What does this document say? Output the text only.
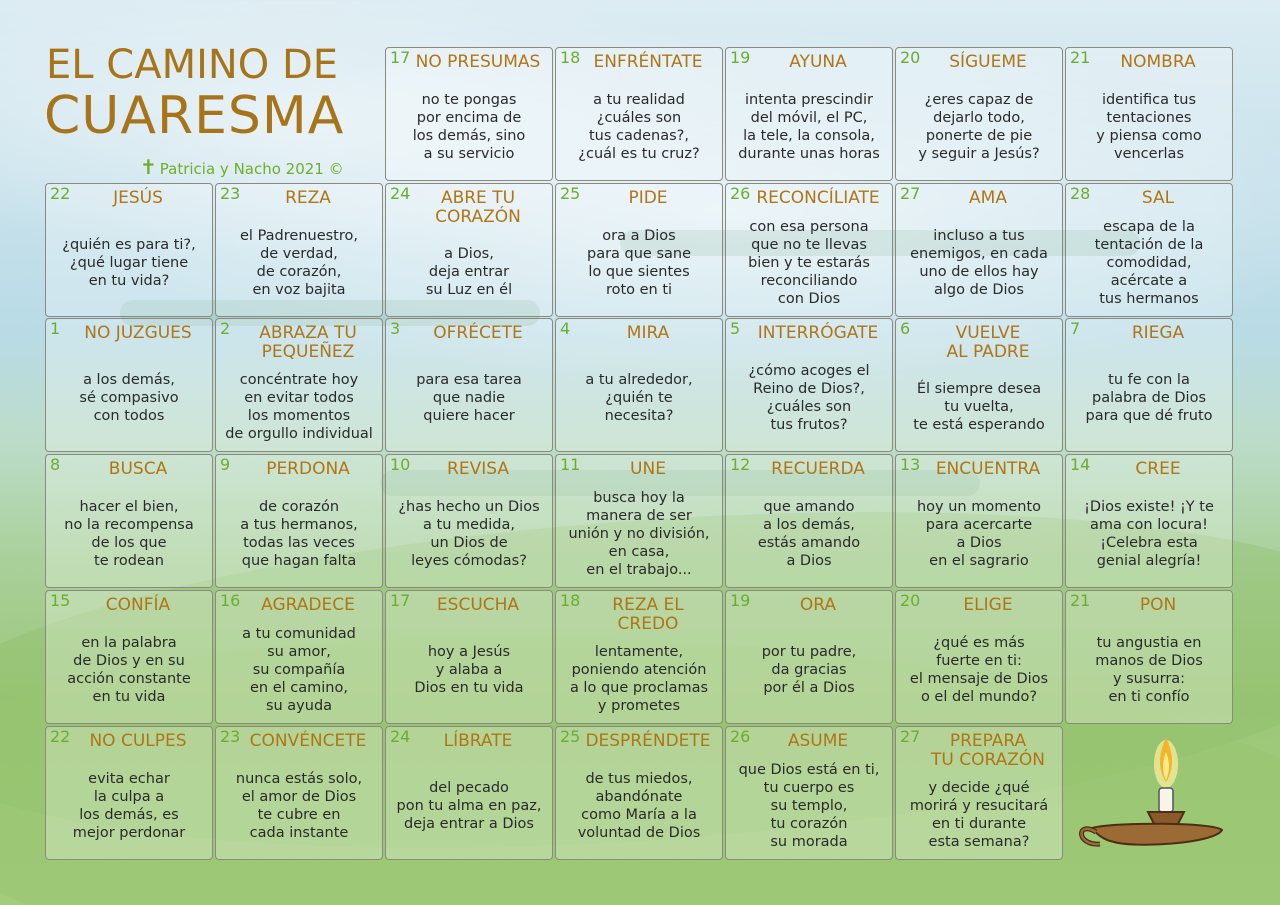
EL CAMINO DE
CUARESMA
✝ Patricia y Nacho 2021 ©
17 NO PRESUMAS
no te pongas
por encima de
los demás, sino
a su servicio
18 ENFRÉNTATE
a tu realidad
¿cuáles son
tus cadenas?,
¿cuál es tu cruz?
19	AYUNA
intenta prescindir
del móvil, el PC,
la tele, la consola,
durante unas horas
20	SÍGUEME
¿eres capaz de
dejarlo todo,
ponerte de pie
y seguir a Jesús?
21	NOMBRA
identifica tus
tentaciones
y piensa como
vencerlas
22	JESÚS
¿quién es para ti?,
¿qué lugar tiene
en tu vida?
23	REZA
el Padrenuestro,
de verdad,
de corazón,
en voz bajita
24	ABRE TU
CORAZÓN
a Dios,
deja entrar
su Luz en él
25	PIDE
ora a Dios
para que sane
lo que sientes
roto en ti
26 RECONCÍLIATE
con esa persona
que no te llevas
bien y te estarás
reconciliando
con Dios
27	AMA
incluso a tus
enemigos, en cada
uno de ellos hay
algo de Dios
28	SAL
escapa de la
tentación de la
comodidad,
acércate a
tus hermanos
1	NO JUZGUES
a los demás,
sé compasivo
con todos
2	ABRAZA TU
PEQUEÑEZ
concéntrate hoy
en evitar todos
los momentos
de orgullo individual
3	OFRÉCETE
para esa tarea
que nadie
quiere hacer
4	MIRA
a tu alrededor,
¿quién te
necesita?
5	INTERRÓGATE
¿cómo acoges el
Reino de Dios?,
¿cuáles son
tus frutos?
6	VUELVE
AL PADRE
Él siempre desea
tu vuelta,
te está esperando
7	RIEGA
tu fe con la
palabra de Dios
para que dé fruto
8	BUSCA
hacer el bien,
no la recompensa
de los que
te rodean
9	PERDONA
de corazón
a tus hermanos,
todas las veces
que hagan falta
10	REVISA
¿has hecho un Dios
a tu medida,
un Dios de
leyes cómodas?
11	UNE
busca hoy la
manera de ser
unión y no división,
en casa,
en el trabajo...
12	RECUERDA
que amando
a los demás,
estás amando
a Dios
13 ENCUENTRA
hoy un momento
para acercarte
a Dios
en el sagrario
14	CREE
¡Dios existe! ¡Y te
ama con locura!
¡Celebra esta
genial alegría!
15	CONFÍA
en la palabra
de Dios y en su
acción constante
en tu vida
16	AGRADECE
a tu comunidad
su amor,
su compañía
en el camino,
su ayuda
17	ESCUCHA
hoy a Jesús
y alaba a
Dios en tu vida
18	REZA EL
CREDO
lentamente,
poniendo atención
a lo que proclamas
y prometes
19	ORA
por tu padre,
da gracias
por él a Dios
20	ELIGE
¿qué es más
fuerte en ti:
el mensaje de Dios
o el del mundo?
21	PON
tu angustia en
manos de Dios
y susurra:
en ti confío
22	NO CULPES
evita echar
la culpa a
los demás, es
mejor perdonar
23 CONVÉNCETE
nunca estás solo,
el amor de Dios
te cubre en
cada instante
24	LÍBRATE
del pecado
pon tu alma en paz,
deja entrar a Dios
25 DESPRÉNDETE
de tus miedos,
abandónate
como María a la
voluntad de Dios
26	ASUME
que Dios está en ti,
tu cuerpo es
su templo,
tu corazón
su morada
27	PREPARA
TU CORAZÓN
y decide ¿qué
morirá y resucitará
en ti durante
esta semana?
